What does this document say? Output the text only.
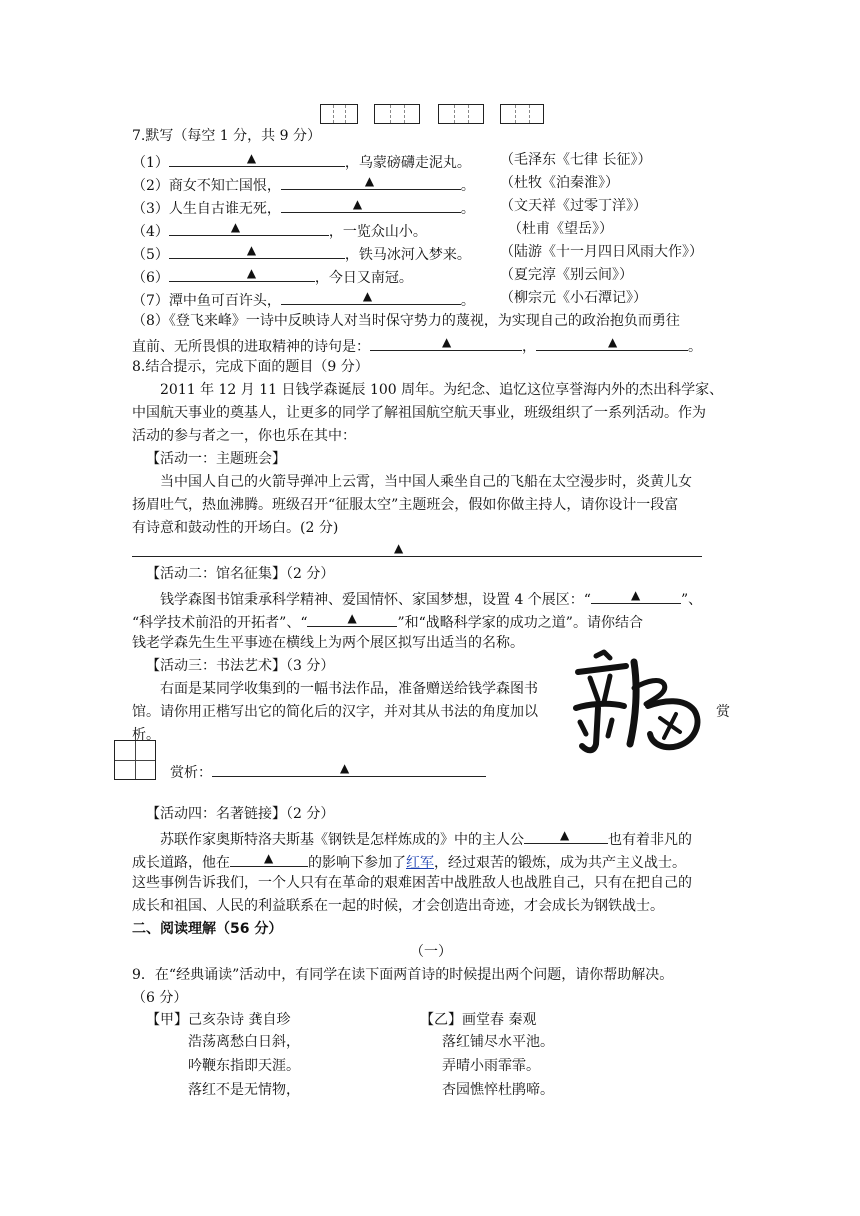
7.默写（每空 1 分，共 9 分）
（1）	▲	，乌蒙磅礴走泥丸。 （毛泽东《七律 长征》）
（2）商女不知亡国恨，	▲	。 （杜牧《泊秦淮》）
（3）人生自古谁无死，	▲	。 （文天祥《过零丁洋》）
（4）	▲	，一览众山小。	（杜甫《望岳》）
（5）	▲	，铁马冰河入梦来。 （陆游《十一月四日风雨大作》）
（6）	▲	，今日又南冠。	（夏完淳《别云间》）
（7）潭中鱼可百许头，	▲	。 （柳宗元《小石潭记》）
（8）《登飞来峰》一诗中反映诗人对当时保守势力的蔑视，为实现自己的政治抱负而勇往
直前、无所畏惧的进取精神的诗句是：	▲	，	▲	。
8.结合提示，完成下面的题目（9 分）
2011 年 12 月 11 日钱学森诞辰 100 周年。为纪念、追忆这位享誉海内外的杰出科学家、
中国航天事业的奠基人，让更多的同学了解祖国航空航天事业，班级组织了一系列活动。作为
活动的参与者之一，你也乐在其中：
【活动一：主题班会】
当中国人自己的火箭导弹冲上云霄，当中国人乘坐自己的飞船在太空漫步时，炎黄儿女
扬眉吐气，热血沸腾。班级召开“征服太空”主题班会，假如你做主持人，请你设计一段富
有诗意和鼓动性的开场白。(2 分)
▲
【活动二：馆名征集】（2 分）
钱学森图书馆秉承科学精神、爱国情怀、家国梦想，设置 4 个展区：“	▲	”、
“科学技术前沿的开拓者”、“	▲	”和“战略科学家的成功之道”。请你结合
钱老学森先生生平事迹在横线上为两个展区拟写出适当的名称。
【活动三：书法艺术】（3 分）
右面是某同学收集到的一幅书法作品，准备赠送给钱学森图书
馆。请你用正楷写出它的简化后的汉字，并对其从书法的角度加以	赏
析。
赏析：	▲
【活动四：名著链接】（2 分）
苏联作家奥斯特洛夫斯基《钢铁是怎样炼成的》中的主人公	▲	也有着非凡的
成长道路，他在	▲ 的影响下参加了红军，经过艰苦的锻炼，成为共产主义战士。
这些事例告诉我们，一个人只有在革命的艰难困苦中战胜敌人也战胜自己，只有在把自己的
成长和祖国、人民的利益联系在一起的时候，才会创造出奇迹，才会成长为钢铁战士。
二、阅读理解（56 分）
（一）
9．在“经典诵读”活动中，有同学在读下面两首诗的时候提出两个问题，请你帮助解决。
（6 分）
【甲】己亥杂诗 龚自珍
浩荡离愁白日斜，
吟鞭东指即天涯。
落红不是无情物，
【乙】画堂春 秦观
落红铺尽水平池。
弄晴小雨霏霏。
杏园憔悴杜鹃啼。
